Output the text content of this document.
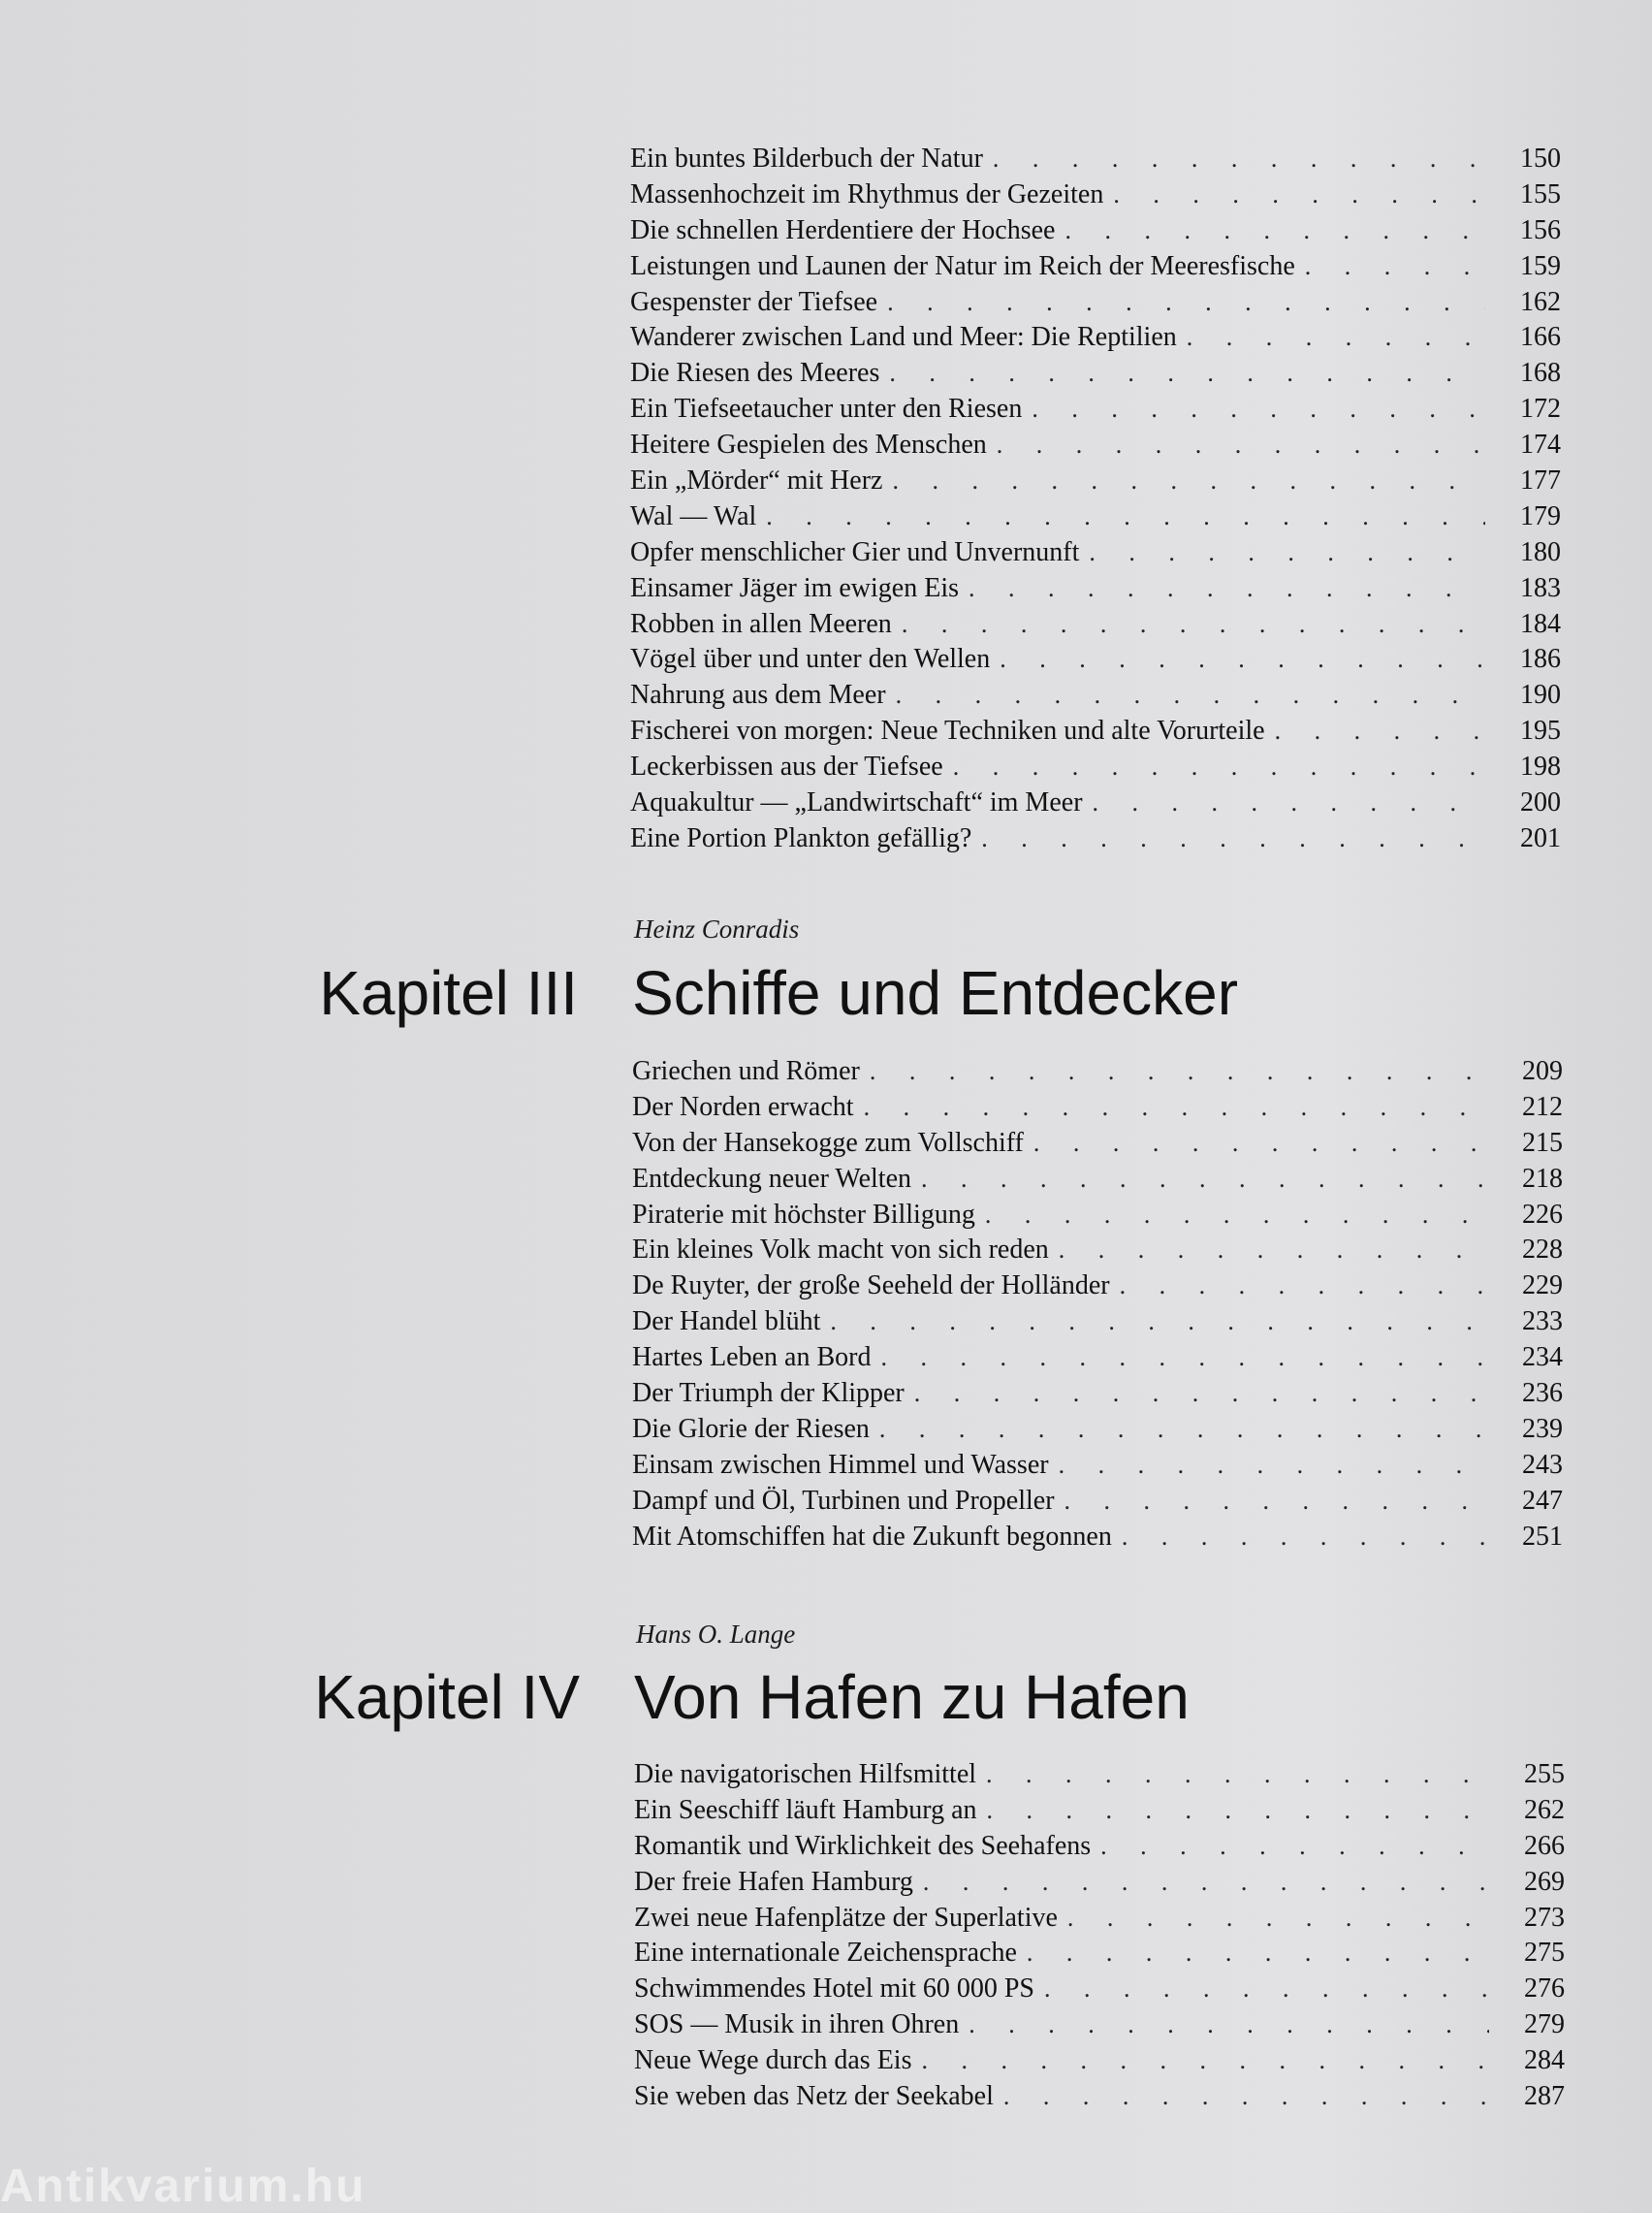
Ein buntes Bilderbuch der Natur . . .	150
Massenhochzeit im Rhythmus der Gezeiten . . .	155
Die schnellen Herdentiere der Hochsee . . .	156
Leistungen und Launen der Natur im Reich der Meeresfische . . .	159
Gespenster der Tiefsee . . .	162
Wanderer zwischen Land und Meer: Die Reptilien . . .	166
Die Riesen des Meeres . . .	168
Ein Tiefseetaucher unter den Riesen . . .	172
Heitere Gespielen des Menschen . . .	174
Ein „Mörder“ mit Herz . . .	177
Wal — Wal . . .	179
Opfer menschlicher Gier und Unvernunft . . .	180
Einsamer Jäger im ewigen Eis . . .	183
Robben in allen Meeren . . .	184
Vögel über und unter den Wellen . . .	186
Nahrung aus dem Meer . . .	190
Fischerei von morgen: Neue Techniken und alte Vorurteile . . .	195
Leckerbissen aus der Tiefsee . . .	198
Aquakultur — „Landwirtschaft“ im Meer . . .	200
Eine Portion Plankton gefällig? . . .	201
Heinz Conradis
Kapitel III Schiffe und Entdecker
Griechen und Römer . . .	209
Der Norden erwacht . . .	212
Von der Hansekogge zum Vollschiff . . .	215
Entdeckung neuer Welten . . .	218
Piraterie mit höchster Billigung . . .	226
Ein kleines Volk macht von sich reden . . .	228
De Ruyter, der große Seeheld der Holländer . . .	229
Der Handel blüht . . .	233
Hartes Leben an Bord . . .	234
Der Triumph der Klipper . . .	236
Die Glorie der Riesen . . .	239
Einsam zwischen Himmel und Wasser . . .	243
Dampf und Öl, Turbinen und Propeller . . .	247
Mit Atomschiffen hat die Zukunft begonnen . . .	251
Hans O. Lange
Kapitel IV Von Hafen zu Hafen
Die navigatorischen Hilfsmittel . . .	255
Ein Seeschiff läuft Hamburg an . . .	262
Romantik und Wirklichkeit des Seehafens . . .	266
Der freie Hafen Hamburg . . .	269
Zwei neue Hafenplätze der Superlative . . .	273
Eine internationale Zeichensprache . . .	275
Schwimmendes Hotel mit 60 000 PS . . .	276
SOS — Musik in ihren Ohren . . .	279
Neue Wege durch das Eis . . .	284
Sie weben das Netz der Seekabel . . .	287
Antikvarium.hu
